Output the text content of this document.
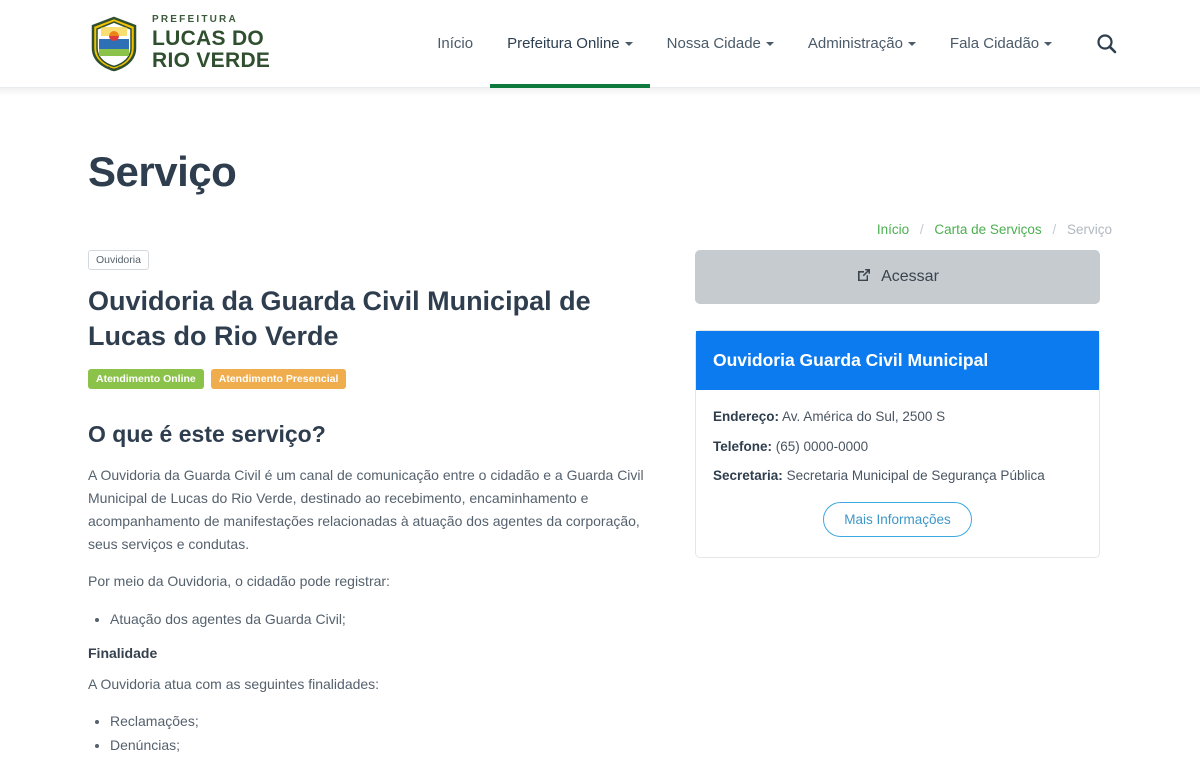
PREFEITURA
LUCAS DO
RIO VERDE
Início Prefeitura Online	Nossa Cidade	Administração	Fala Cidadão
Serviço
Início / Carta de Serviços / Serviço
Ouvidoria
Ouvidoria da Guarda Civil Municipal de Lucas do Rio Verde
Atendimento Online	Atendimento Presencial
O que é este serviço?

A Ouvidoria da Guarda Civil é um canal de comunicação entre o cidadão e a Guarda Civil Municipal de Lucas do Rio Verde, destinado ao recebimento, encaminhamento e acompanhamento de manifestações relacionadas à atuação dos agentes da corporação, seus serviços e condutas.

Por meio da Ouvidoria, o cidadão pode registrar:

• Atuação dos agentes da Guarda Civil;

Finalidade

A Ouvidoria atua com as seguintes finalidades:

• Reclamações;
• Denúncias;
Acessar
Ouvidoria Guarda Civil Municipal
Endereço: Av. América do Sul, 2500 S
Telefone: (65) 0000-0000
Secretaria: Secretaria Municipal de Segurança Pública
Mais Informações
